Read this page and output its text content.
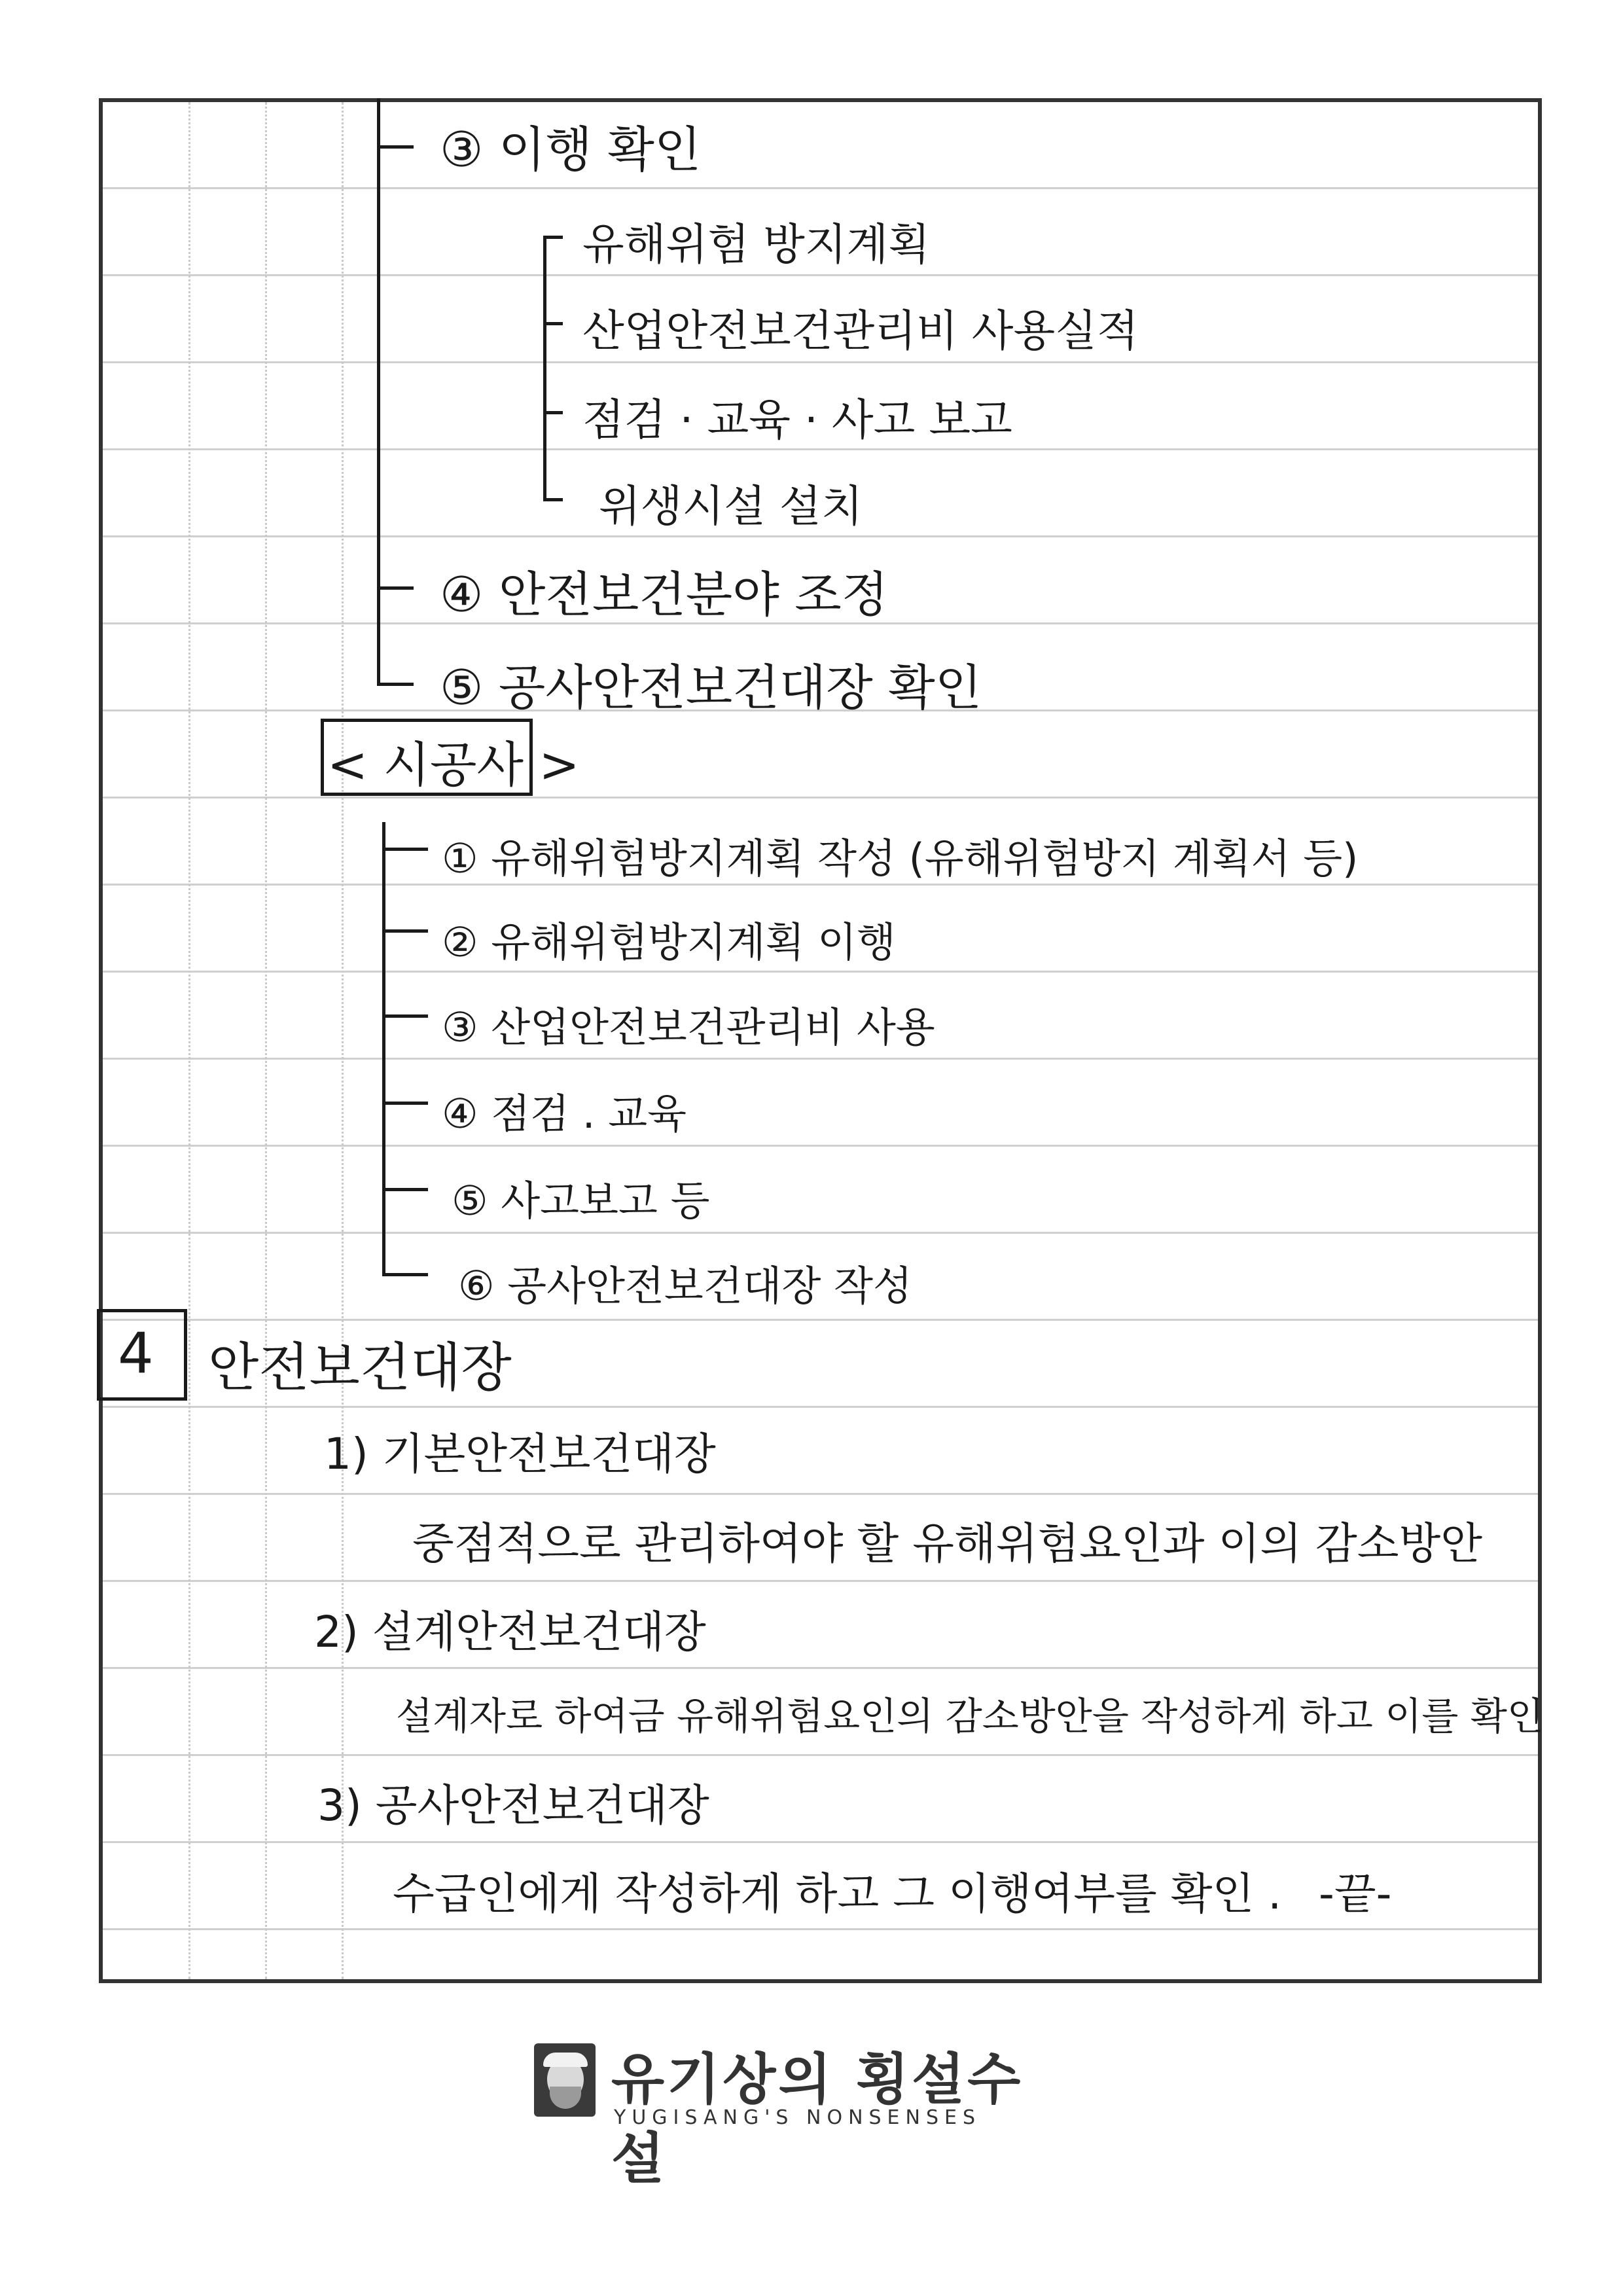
③ 이행 확인
유해위험 방지계획
산업안전보건관리비 사용실적
점검 · 교육 · 사고 보고
위생시설 설치
④ 안전보건분야 조정
⑤ 공사안전보건대장 확인
< 시공사 >
① 유해위험방지계획 작성 (유해위험방지 계획서 등)
② 유해위험방지계획 이행
③ 산업안전보건관리비 사용
④ 점검 . 교육
⑤ 사고보고 등
⑥ 공사안전보건대장 작성
4 안전보건대장
1) 기본안전보건대장
중점적으로 관리하여야 할 유해위험요인과 이의 감소방안
2) 설계안전보건대장
설계자로 하여금 유해위험요인의 감소방안을 작성하게 하고 이를 확인
3) 공사안전보건대장
수급인에게 작성하게 하고 그 이행여부를 확인 . -끝-
유기상의 횡설수설
YUGISANG'S NONSENSES
